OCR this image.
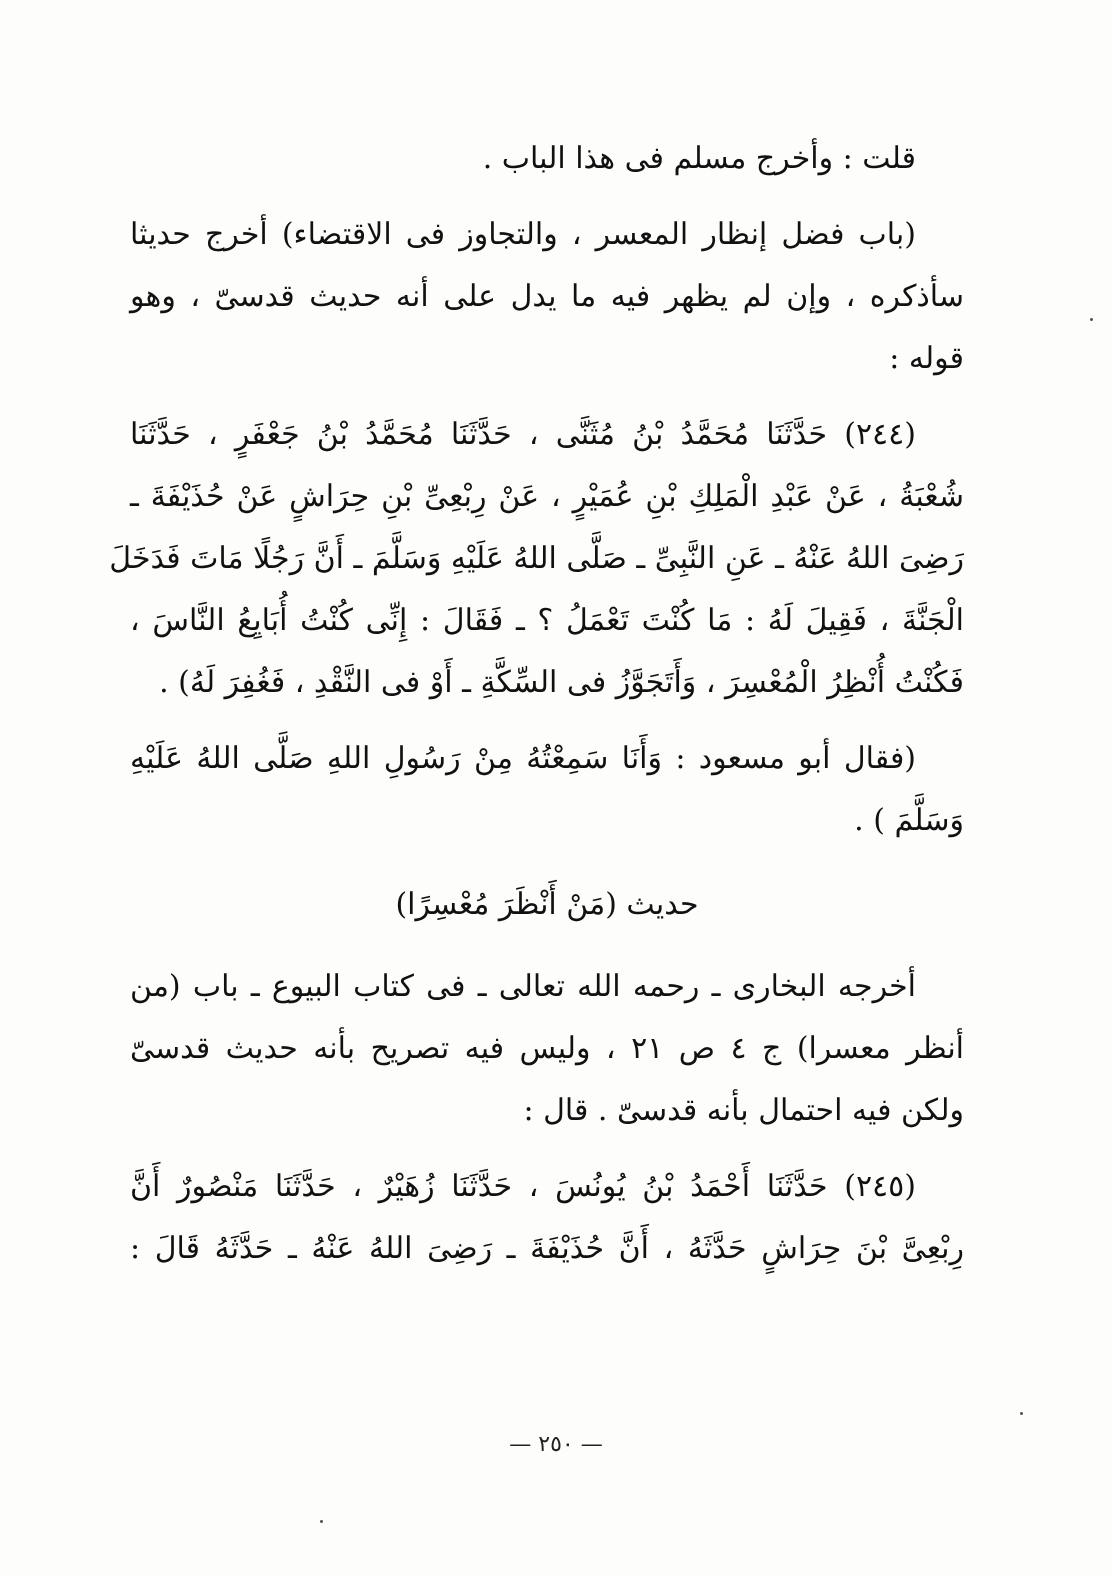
قلت : وأخرج مسلم فى هذا الباب .
(باب فضل إنظار المعسر ، والتجاوز فى الاقتضاء) أخرج حديثا
سأذكره ، وإن لم يظهر فيه ما يدل على أنه حديث قدسىّ ، وهو
قوله :
(٢٤٤) حَدَّثَنَا مُحَمَّدُ بْنُ مُثَنَّى ، حَدَّثَنَا مُحَمَّدُ بْنُ جَعْفَرٍ ، حَدَّثَنَا
شُعْبَةُ ، عَنْ عَبْدِ الْمَلِكِ بْنِ عُمَيْرٍ ، عَنْ رِبْعِىِّ بْنِ حِرَاشٍ عَنْ حُذَيْفَةَ ـ
رَضِىَ اللهُ عَنْهُ ـ عَنِ النَّبِىِّ ـ صَلَّى اللهُ عَلَيْهِ وَسَلَّمَ ـ أَنَّ رَجُلًا مَاتَ فَدَخَلَ
الْجَنَّةَ ، فَقِيلَ لَهُ : مَا كُنْتَ تَعْمَلُ ؟ ـ فَقَالَ : إِنِّى كُنْتُ أُبَايِعُ النَّاسَ ،
فَكُنْتُ أُنْظِرُ الْمُعْسِرَ ، وَأَتَجَوَّزُ فى السِّكَّةِ ـ أَوْ فى النَّقْدِ ، فَغُفِرَ لَهُ) .
(فقال أبو مسعود : وَأَنَا سَمِعْتُهُ مِنْ رَسُولِ اللهِ صَلَّى اللهُ عَلَيْهِ
وَسَلَّمَ ) .
حديث (مَنْ أَنْظَرَ مُعْسِرًا)
أخرجه البخارى ـ رحمه الله تعالى ـ فى كتاب البيوع ـ باب (من
أنظر معسرا) ج ٤ ص ٢١ ، وليس فيه تصريح بأنه حديث قدسىّ
ولكن فيه احتمال بأنه قدسىّ . قال :
(٢٤٥) حَدَّثَنَا أَحْمَدُ بْنُ يُونُسَ ، حَدَّثَنَا زُهَيْرٌ ، حَدَّثَنَا مَنْصُورٌ أَنَّ
رِبْعِىَّ بْنَ حِرَاشٍ حَدَّثَهُ ، أَنَّ حُذَيْفَةَ ـ رَضِىَ اللهُ عَنْهُ ـ حَدَّثَهُ قَالَ :
— ٢٥٠ —
